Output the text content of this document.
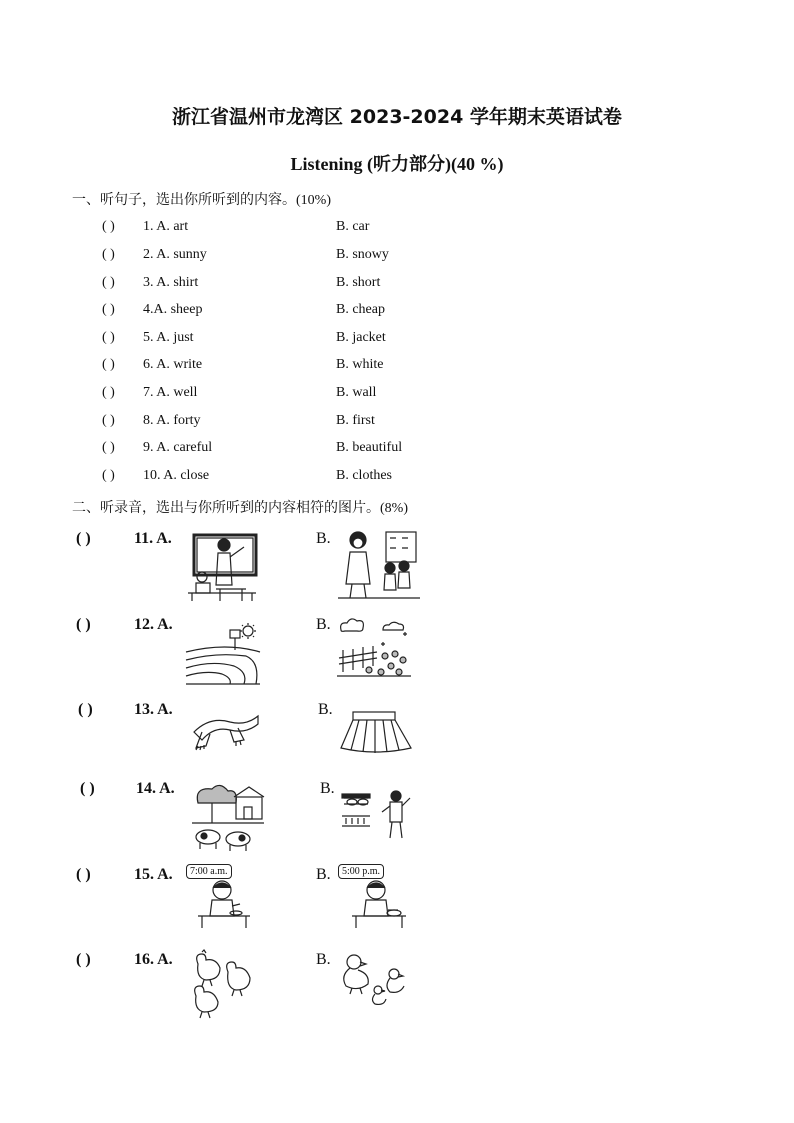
浙江省温州市龙湾区 2023-2024 学年期末英语试卷
Listening (听力部分)(40 %)
一、听句子，选出你所听到的内容。(10%)
( ) 1. A. art	B. car
( ) 2. A. sunny	B. snowy
( ) 3. A. shirt	B. short
( ) 4.A. sheep	B. cheap
( ) 5. A. just	B. jacket
( ) 6. A. write	B. white
( ) 7. A. well	B. wall
( ) 8. A. forty	B. first
( ) 9. A. careful	B. beautiful
( ) 10. A. close	B. clothes
二、听录音，选出与你所听到的内容相符的图片。(8%)
( )	11. A.	B.
( )	12. A.	B.
( )	13. A.	B.
( )	14. A.	B.
( )	15. A.	B.
( )	16. A.	B.
7:00 a.m.	5:00 p.m.
